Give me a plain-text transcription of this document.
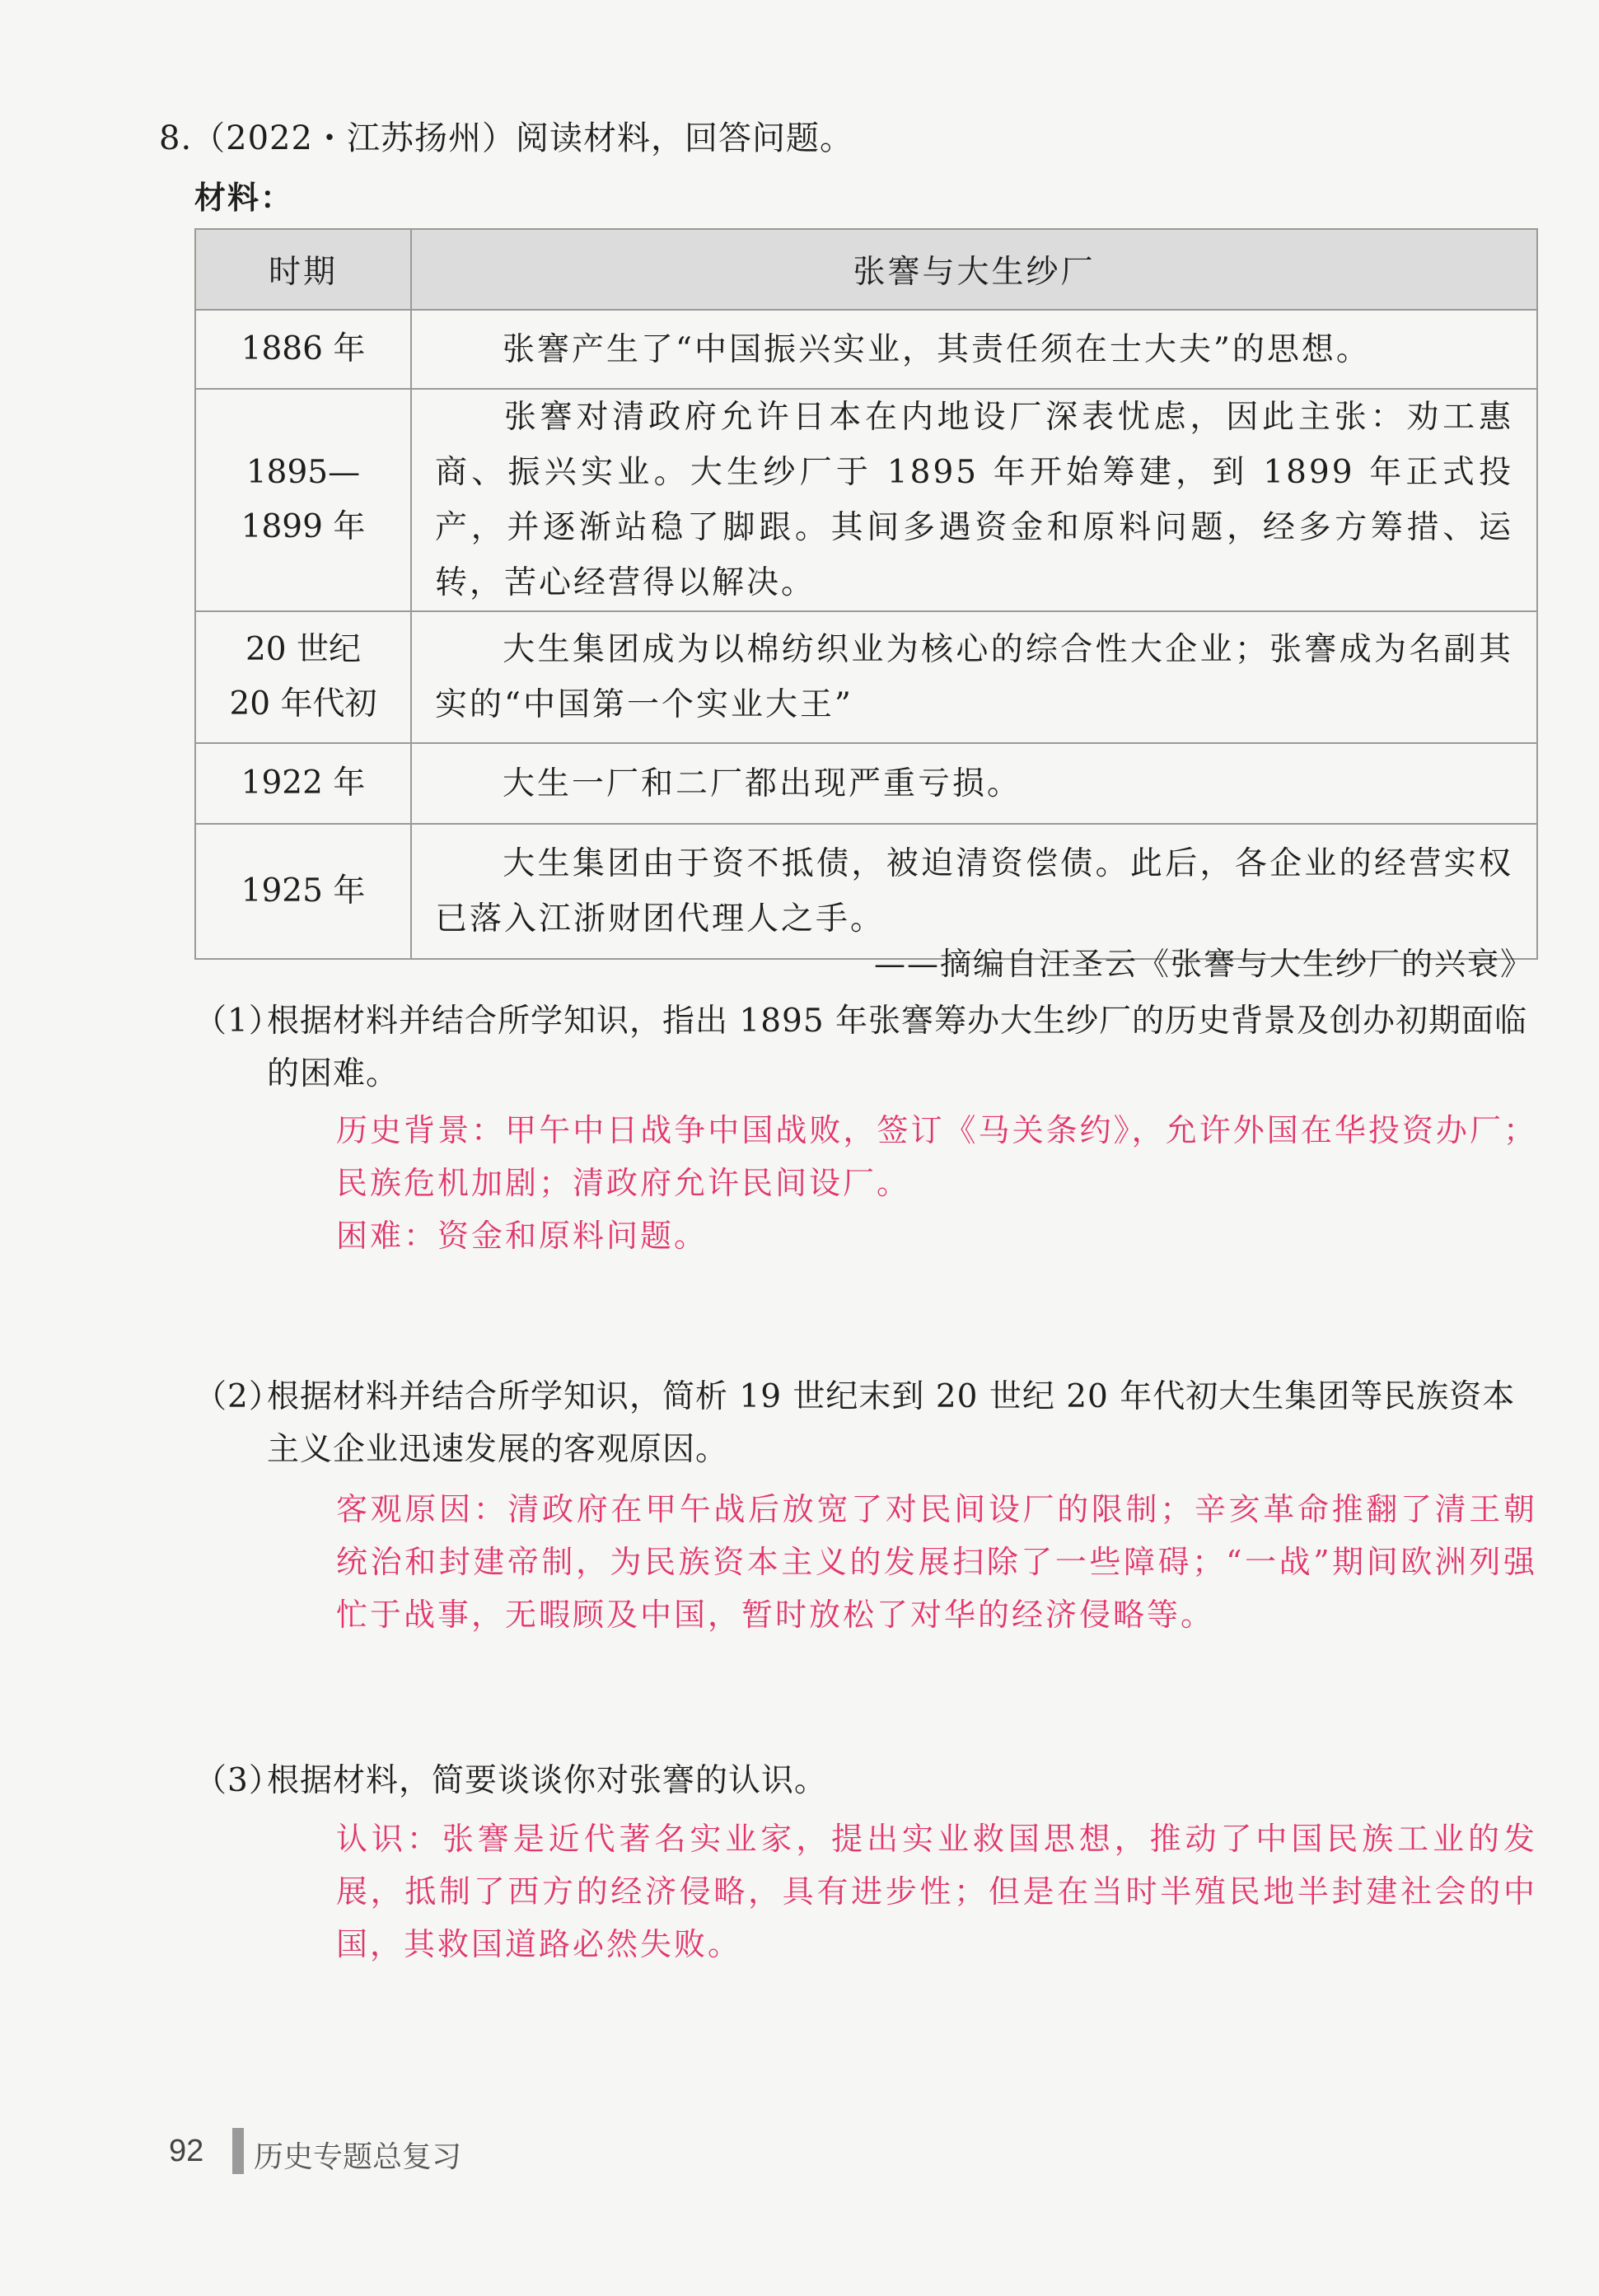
8.（2022・江苏扬州）阅读材料，回答问题。
材料：
时期	张謇与大生纱厂
1886 年	张謇产生了“中国振兴实业，其责任须在士大夫”的思想。
1895—
1899 年	张謇对清政府允许日本在内地设厂深表忧虑，因此主张：劝工惠商、振兴实业。大生纱厂于 1895 年开始筹建，到 1899 年正式投产，并逐渐站稳了脚跟。其间多遇资金和原料问题，经多方筹措、运转，苦心经营得以解决。
20 世纪
20 年代初	大生集团成为以棉纺织业为核心的综合性大企业；张謇成为名副其实的“中国第一个实业大王”
1922 年	大生一厂和二厂都出现严重亏损。
1925 年	大生集团由于资不抵债，被迫清资偿债。此后，各企业的经营实权已落入江浙财团代理人之手。
——摘编自汪圣云《张謇与大生纱厂的兴衰》
（1）
根据材料并结合所学知识，指出 1895 年张謇筹办大生纱厂的历史背景及创办初期面临的困难。
历史背景：甲午中日战争中国战败，签订《马关条约》，允许外国在华投资办厂；民族危机加剧；清政府允许民间设厂。
困难：资金和原料问题。
（2）
根据材料并结合所学知识，简析 19 世纪末到 20 世纪 20 年代初大生集团等民族资本主义企业迅速发展的客观原因。
客观原因：清政府在甲午战后放宽了对民间设厂的限制；辛亥革命推翻了清王朝统治和封建帝制，为民族资本主义的发展扫除了一些障碍；“一战”期间欧洲列强忙于战事，无暇顾及中国，暂时放松了对华的经济侵略等。
（3）
根据材料，简要谈谈你对张謇的认识。
认识：张謇是近代著名实业家，提出实业救国思想，推动了中国民族工业的发展，抵制了西方的经济侵略，具有进步性；但是在当时半殖民地半封建社会的中国，其救国道路必然失败。
92 历史专题总复习
